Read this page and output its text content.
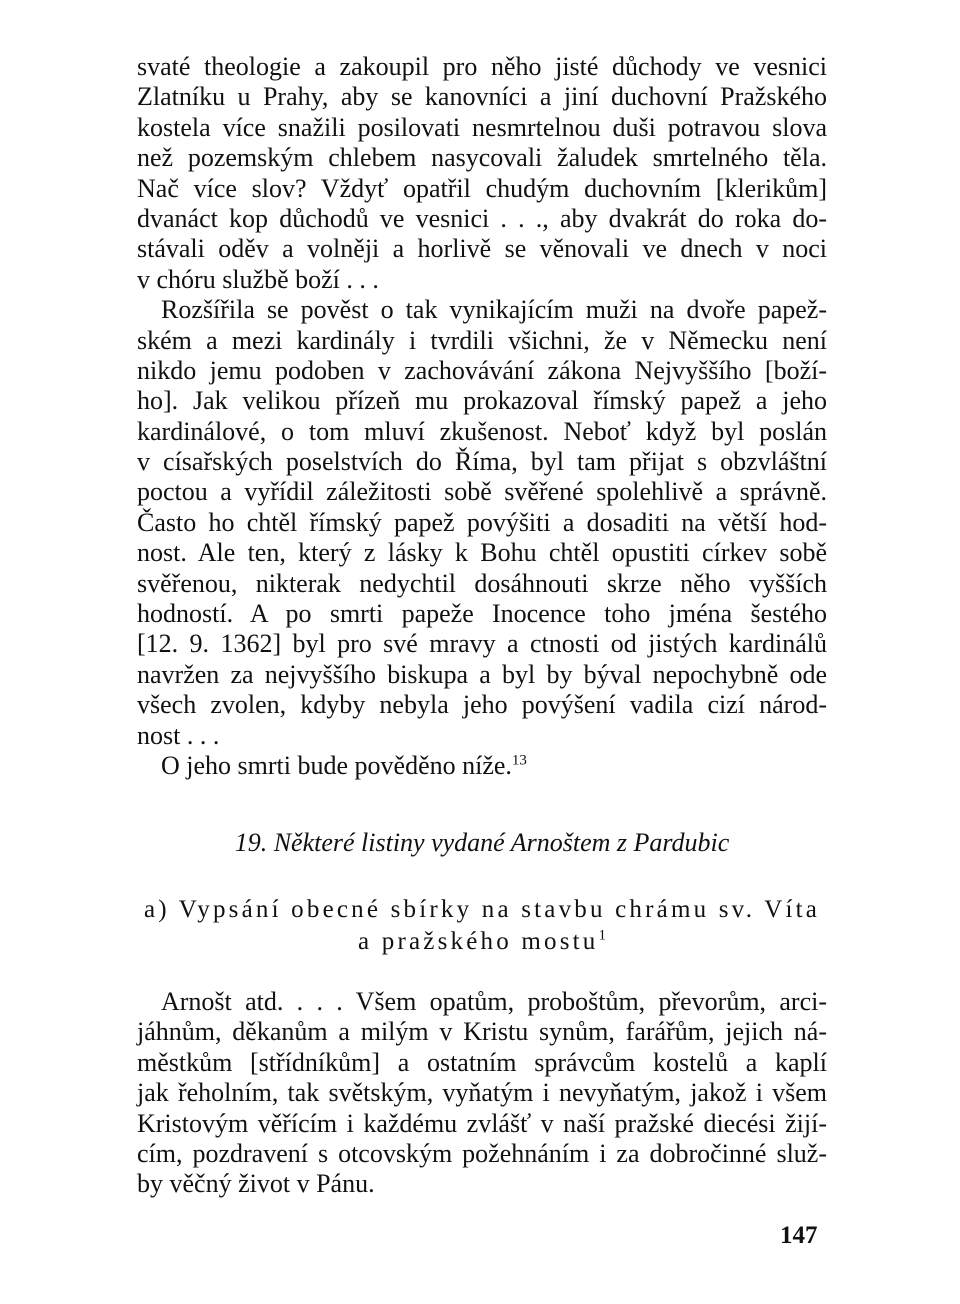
svaté theologie a zakoupil pro něho jisté důchody ve vesnici
Zlatníku u Prahy, aby se kanovníci a jiní duchovní Pražského
kostela více snažili posilovati nesmrtelnou duši potravou slova
než pozemským chlebem nasycovali žaludek smrtelného těla.
Nač více slov? Vždyť opatřil chudým duchovním [klerikům]
dvanáct kop důchodů ve vesnici . . ., aby dvakrát do roka do-
stávali oděv a volněji a horlivě se věnovali ve dnech v noci
v chóru službě boží . . .
Rozšířila se pověst o tak vynikajícím muži na dvoře papež-
ském a mezi kardinály i tvrdili všichni, že v Německu není
nikdo jemu podoben v zachovávání zákona Nejvyššího [boží-
ho]. Jak velikou přízeň mu prokazoval římský papež a jeho
kardinálové, o tom mluví zkušenost. Neboť když byl poslán
v císařských poselstvích do Říma, byl tam přijat s obzvláštní
poctou a vyřídil záležitosti sobě svěřené spolehlivě a správně.
Často ho chtěl římský papež povýšiti a dosaditi na větší hod-
nost. Ale ten, který z lásky k Bohu chtěl opustiti církev sobě
svěřenou, nikterak nedychtil dosáhnouti skrze něho vyšších
hodností. A po smrti papeže Inocence toho jména šestého
[12. 9. 1362] byl pro své mravy a ctnosti od jistých kardinálů
navržen za nejvyššího biskupa a byl by býval nepochybně ode
všech zvolen, kdyby nebyla jeho povýšení vadila cizí národ-
nost . . .
O jeho smrti bude pověděno níže.$^{13}$
19. Některé listiny vydané Arnoštem z Pardubic
a) Vypsání obecné sbírky na stavbu chrámu sv. Víta
a pražského mostu$^1$
Arnošt atd. . . . Všem opatům, proboštům, převorům, arci-
jáhnům, děkanům a milým v Kristu synům, farářům, jejich ná-
městkům [střídníkům] a ostatním správcům kostelů a kaplí
jak řeholním, tak světským, vyňatým i nevyňatým, jakož i všem
Kristovým věřícím i každému zvlášť v naší pražské diecési žijí-
cím, pozdravení s otcovským požehnáním i za dobročinné služ-
by věčný život v Pánu.
147
